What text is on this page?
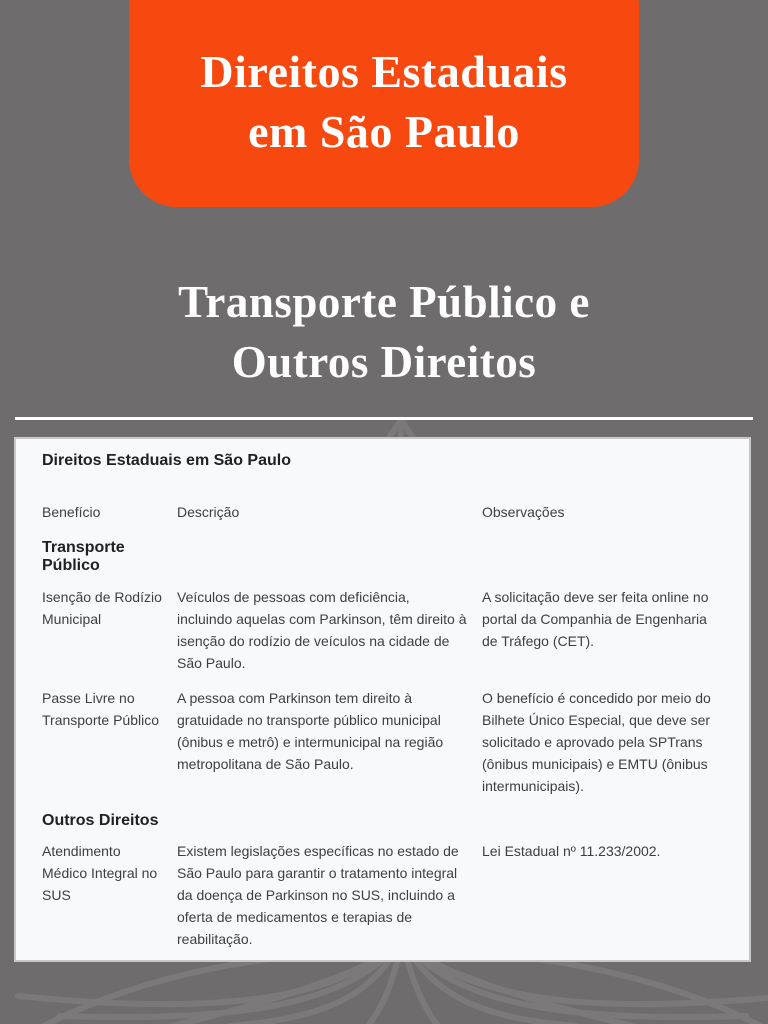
Direitos Estaduais
em São Paulo
Transporte Público e
Outros Direitos
Direitos Estaduais em São Paulo
Benefício	Descrição	Observações
Transporte Público
Isenção de Rodízio Municipal
Veículos de pessoas com deficiência, incluindo aquelas com Parkinson, têm direito à isenção do rodízio de veículos na cidade de São Paulo.
A solicitação deve ser feita online no portal da Companhia de Engenharia de Tráfego (CET).
Passe Livre no Transporte Público
A pessoa com Parkinson tem direito à gratuidade no transporte público municipal (ônibus e metrô) e intermunicipal na região metropolitana de São Paulo.
O benefício é concedido por meio do Bilhete Único Especial, que deve ser solicitado e aprovado pela SPTrans (ônibus municipais) e EMTU (ônibus intermunicipais).
Outros Direitos
Atendimento Médico Integral no SUS
Existem legislações específicas no estado de São Paulo para garantir o tratamento integral da doença de Parkinson no SUS, incluindo a oferta de medicamentos e terapias de reabilitação.
Lei Estadual nº 11.233/2002.
